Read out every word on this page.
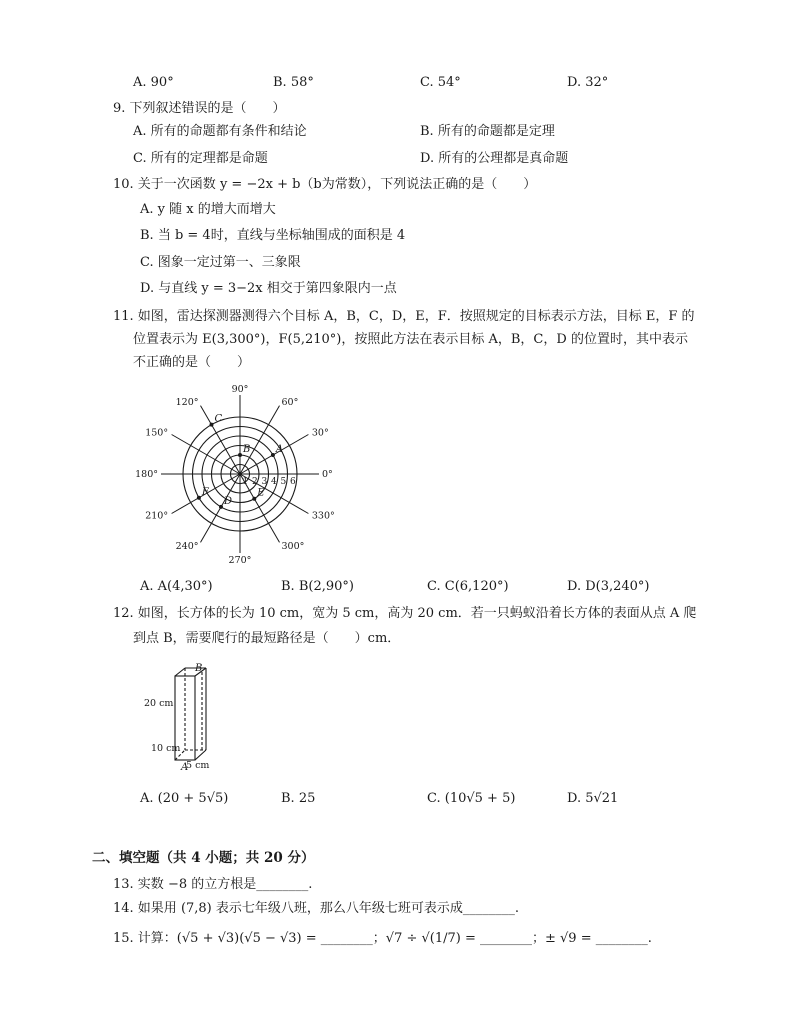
A. 90°	B. 58°	C. 54°	D. 32°
9. 下列叙述错误的是（　　）
A. 所有的命题都有条件和结论	B. 所有的命题都是定理
C. 所有的定理都是命题	D. 所有的公理都是真命题
10. 关于一次函数 y = −2x + b（b为常数），下列说法正确的是（　　）
A. y 随 x 的增大而增大
B. 当 b = 4时，直线与坐标轴围成的面积是 4
C. 图象一定过第一、三象限
D. 与直线 y = 3−2x 相交于第四象限内一点
11. 如图，雷达探测器测得六个目标 A，B，C，D，E，F．按照规定的目标表示方法，目标 E，F 的
位置表示为 E(3,300°)，F(5,210°)，按照此方法在表示目标 A，B，C，D 的位置时，其中表示
不正确的是（　　）
0°
30°
60°
90°
120°
150°
180°
210°
240°
270°
300°
330°
1 2 3 4 5 6
A
B
C
D
E
F
A. A(4,30°)	B. B(2,90°)	C. C(6,120°)	D. D(3,240°)
12. 如图，长方体的长为 10 cm，宽为 5 cm，高为 20 cm．若一只蚂蚁沿着长方体的表面从点 A 爬
到点 B，需要爬行的最短路径是（　　）cm．
B
A
20 cm
10 cm
5 cm
A. (20 + 5√5)	B. 25	C. (10√5 + 5)	D. 5√21
二、填空题（共 4 小题；共 20 分）
13. 实数 −8 的立方根是________.
14. 如果用 (7,8) 表示七年级八班，那么八年级七班可表示成________.
15. 计算：(√5 + √3)(√5 − √3) = ________；√7 ÷ √(1/7) = ________；± √9 = ________.
